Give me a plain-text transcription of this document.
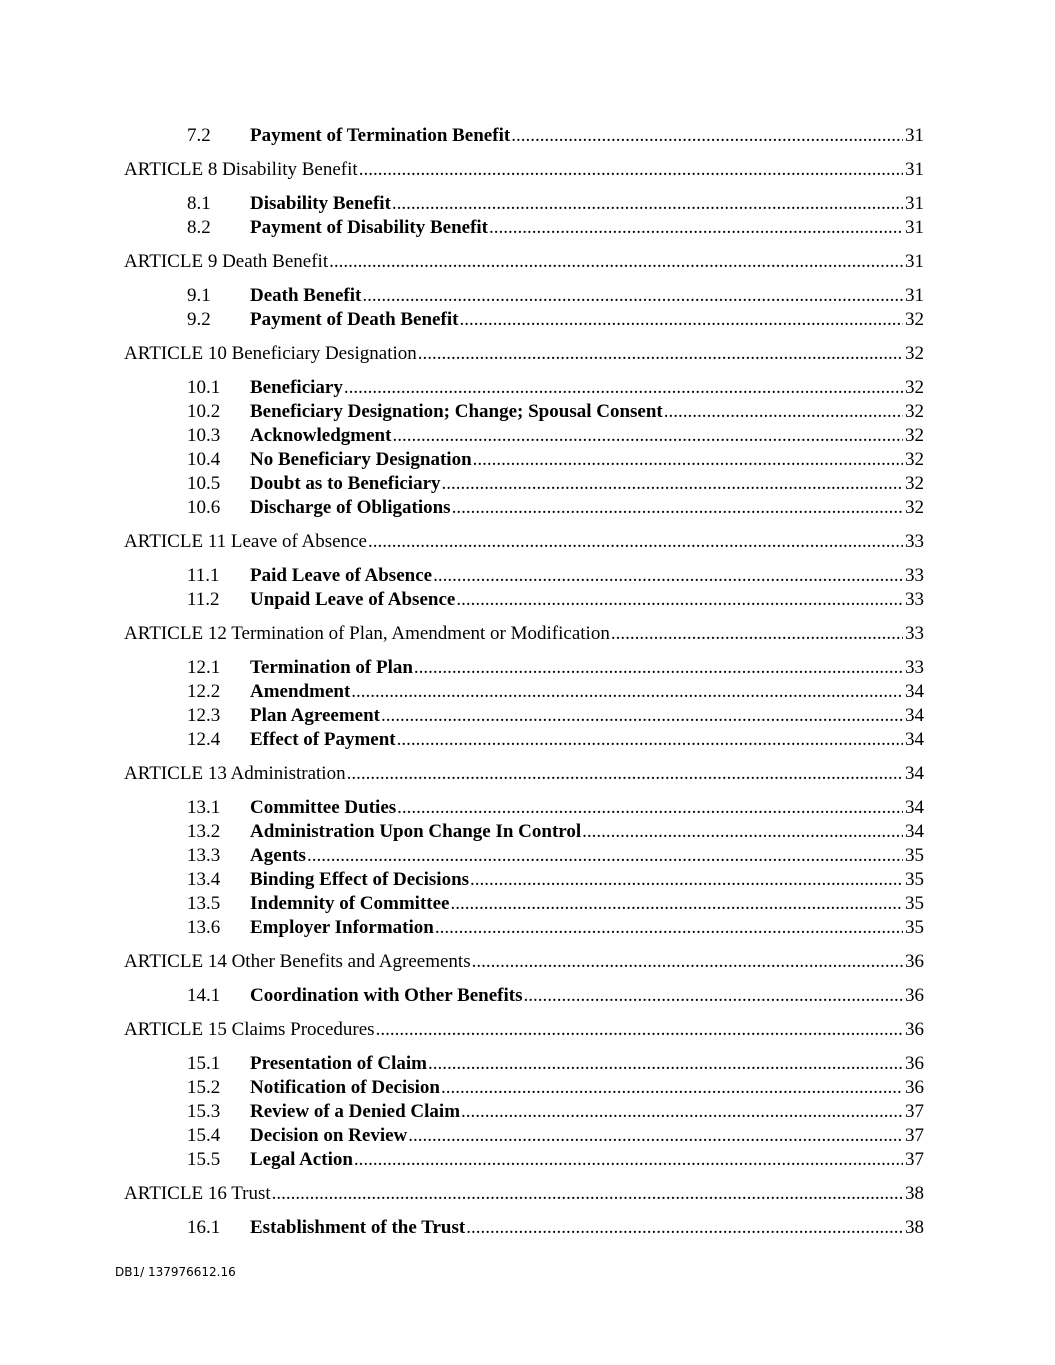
7.2	Payment of Termination Benefit .....	31
ARTICLE 8 Disability Benefit .....	31
8.1	Disability Benefit .....	31
8.2	Payment of Disability Benefit .....	31
ARTICLE 9 Death Benefit .....	31
9.1	Death Benefit .....	31
9.2	Payment of Death Benefit .....	32
ARTICLE 10 Beneficiary Designation .....	32
10.1	Beneficiary .....	32
10.2	Beneficiary Designation; Change; Spousal Consent .....	32
10.3	Acknowledgment .....	32
10.4	No Beneficiary Designation .....	32
10.5	Doubt as to Beneficiary .....	32
10.6	Discharge of Obligations .....	32
ARTICLE 11 Leave of Absence .....	33
11.1	Paid Leave of Absence .....	33
11.2	Unpaid Leave of Absence .....	33
ARTICLE 12 Termination of Plan, Amendment or Modification .....	33
12.1	Termination of Plan .....	33
12.2	Amendment .....	34
12.3	Plan Agreement .....	34
12.4	Effect of Payment .....	34
ARTICLE 13 Administration .....	34
13.1	Committee Duties .....	34
13.2	Administration Upon Change In Control .....	34
13.3	Agents .....	35
13.4	Binding Effect of Decisions .....	35
13.5	Indemnity of Committee .....	35
13.6	Employer Information .....	35
ARTICLE 14 Other Benefits and Agreements .....	36
14.1	Coordination with Other Benefits .....	36
ARTICLE 15 Claims Procedures .....	36
15.1	Presentation of Claim .....	36
15.2	Notification of Decision .....	36
15.3	Review of a Denied Claim .....	37
15.4	Decision on Review .....	37
15.5	Legal Action .....	37
ARTICLE 16 Trust .....	38
16.1	Establishment of the Trust .....	38
DB1/ 137976612.16
